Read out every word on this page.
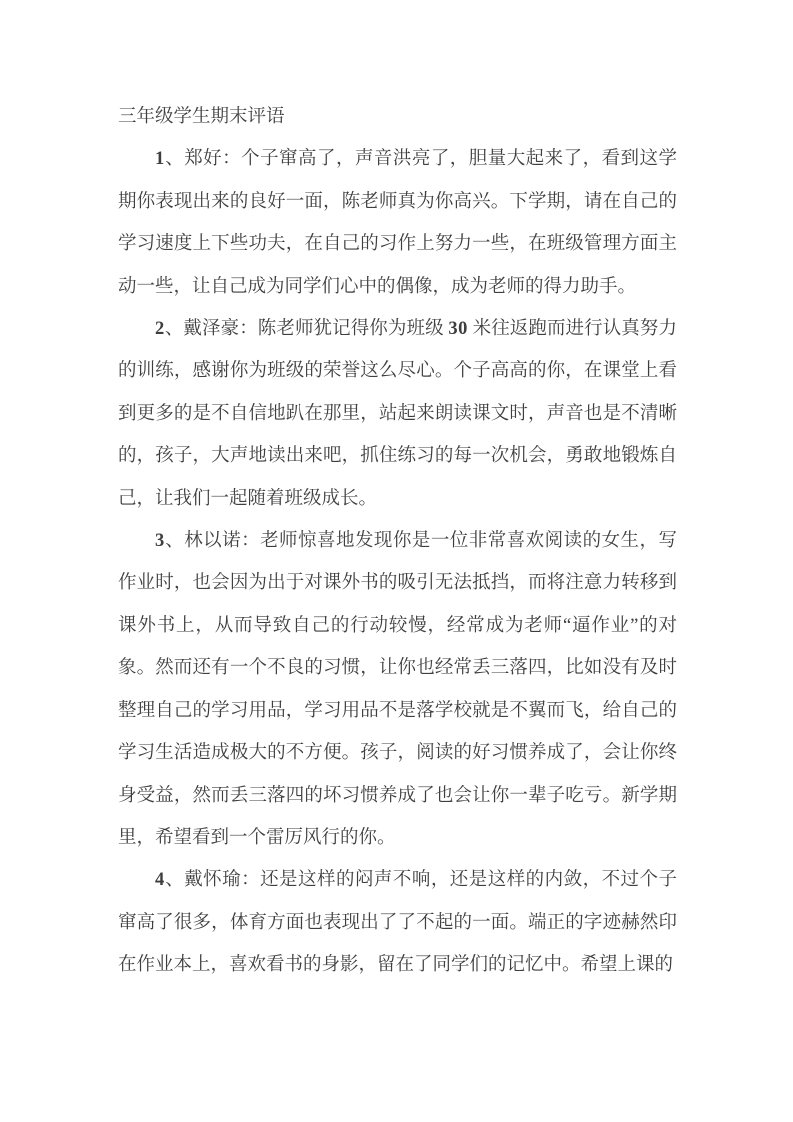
三年级学生期末评语

1、郑好：个子窜高了，声音洪亮了，胆量大起来了，看到这学期你表现出来的良好一面，陈老师真为你高兴。下学期，请在自己的学习速度上下些功夫，在自己的习作上努力一些，在班级管理方面主动一些，让自己成为同学们心中的偶像，成为老师的得力助手。

2、戴泽豪：陈老师犹记得你为班级 30 米往返跑而进行认真努力的训练，感谢你为班级的荣誉这么尽心。个子高高的你，在课堂上看到更多的是不自信地趴在那里，站起来朗读课文时，声音也是不清晰的，孩子，大声地读出来吧，抓住练习的每一次机会，勇敢地锻炼自己，让我们一起随着班级成长。

3、林以诺：老师惊喜地发现你是一位非常喜欢阅读的女生，写作业时，也会因为出于对课外书的吸引无法抵挡，而将注意力转移到课外书上，从而导致自己的行动较慢，经常成为老师“逼作业”的对象。然而还有一个不良的习惯，让你也经常丢三落四，比如没有及时整理自己的学习用品，学习用品不是落学校就是不翼而飞，给自己的学习生活造成极大的不方便。孩子，阅读的好习惯养成了，会让你终身受益，然而丢三落四的坏习惯养成了也会让你一辈子吃亏。新学期里，希望看到一个雷厉风行的你。

4、戴怀瑜：还是这样的闷声不响，还是这样的内敛，不过个子窜高了很多，体育方面也表现出了了不起的一面。端正的字迹赫然印在作业本上，喜欢看书的身影，留在了同学们的记忆中。希望上课的
